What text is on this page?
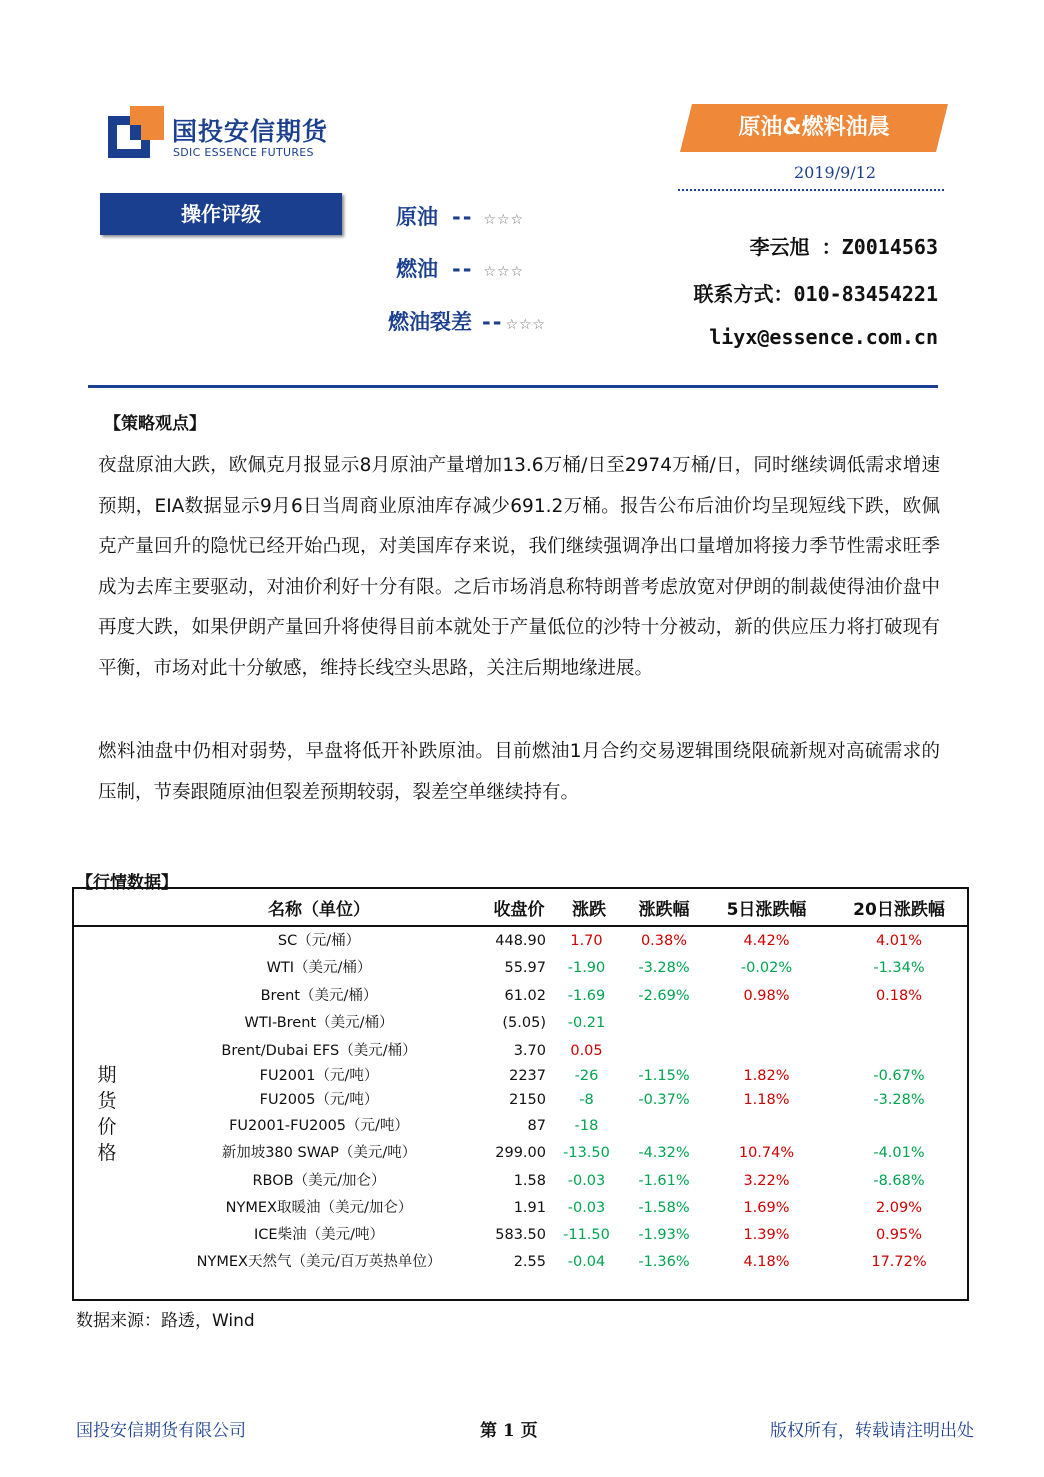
国投安信期货
SDIC ESSENCE FUTURES
原油&燃料油晨
2019/9/12
操作评级	原油 -- ☆☆☆
燃油 -- ☆☆☆
燃油裂差 -- ☆☆☆
李云旭 ：Z0014563
联系方式：010-83454221
liyx@essence.com.cn
【策略观点】
夜盘原油大跌，欧佩克月报显示8月原油产量增加13.6万桶/日至2974万桶/日，同时继续调低需求增速预期，EIA数据显示9月6日当周商业原油库存减少691.2万桶。报告公布后油价均呈现短线下跌，欧佩克产量回升的隐忧已经开始凸现，对美国库存来说，我们继续强调净出口量增加将接力季节性需求旺季成为去库主要驱动，对油价利好十分有限。之后市场消息称特朗普考虑放宽对伊朗的制裁使得油价盘中再度大跌，如果伊朗产量回升将使得目前本就处于产量低位的沙特十分被动，新的供应压力将打破现有平衡，市场对此十分敏感，维持长线空头思路，关注后期地缘进展。
燃料油盘中仍相对弱势，早盘将低开补跌原油。目前燃油1月合约交易逻辑围绕限硫新规对高硫需求的压制，节奏跟随原油但裂差预期较弱，裂差空单继续持有。
【行情数据】
名称（单位）	收盘价	涨跌	涨跌幅	5日涨跌幅	20日涨跌幅
期
货
价
格
SC（元/桶）	448.90	1.70	0.38%	4.42%	4.01%
WTI（美元/桶）	55.97	-1.90	-3.28%	-0.02%	-1.34%
Brent（美元/桶）	61.02	-1.69	-2.69%	0.98%	0.18%
WTI-Brent（美元/桶）	(5.05)	-0.21
Brent/Dubai EFS（美元/桶）	3.70	0.05
FU2001（元/吨）	2237	-26	-1.15%	1.82%	-0.67%
FU2005（元/吨）	2150	-8	-0.37%	1.18%	-3.28%
FU2001-FU2005（元/吨）	87	-18
新加坡380 SWAP（美元/吨）	299.00	-13.50	-4.32%	10.74%	-4.01%
RBOB（美元/加仑）	1.58	-0.03	-1.61%	3.22%	-8.68%
NYMEX取暖油（美元/加仑）	1.91	-0.03	-1.58%	1.69%	2.09%
ICE柴油（美元/吨）	583.50	-11.50	-1.93%	1.39%	0.95%
NYMEX天然气（美元/百万英热单位）	2.55	-0.04	-1.36%	4.18%	17.72%
数据来源：路透，Wind
国投安信期货有限公司	第 1 页	版权所有，转载请注明出处
